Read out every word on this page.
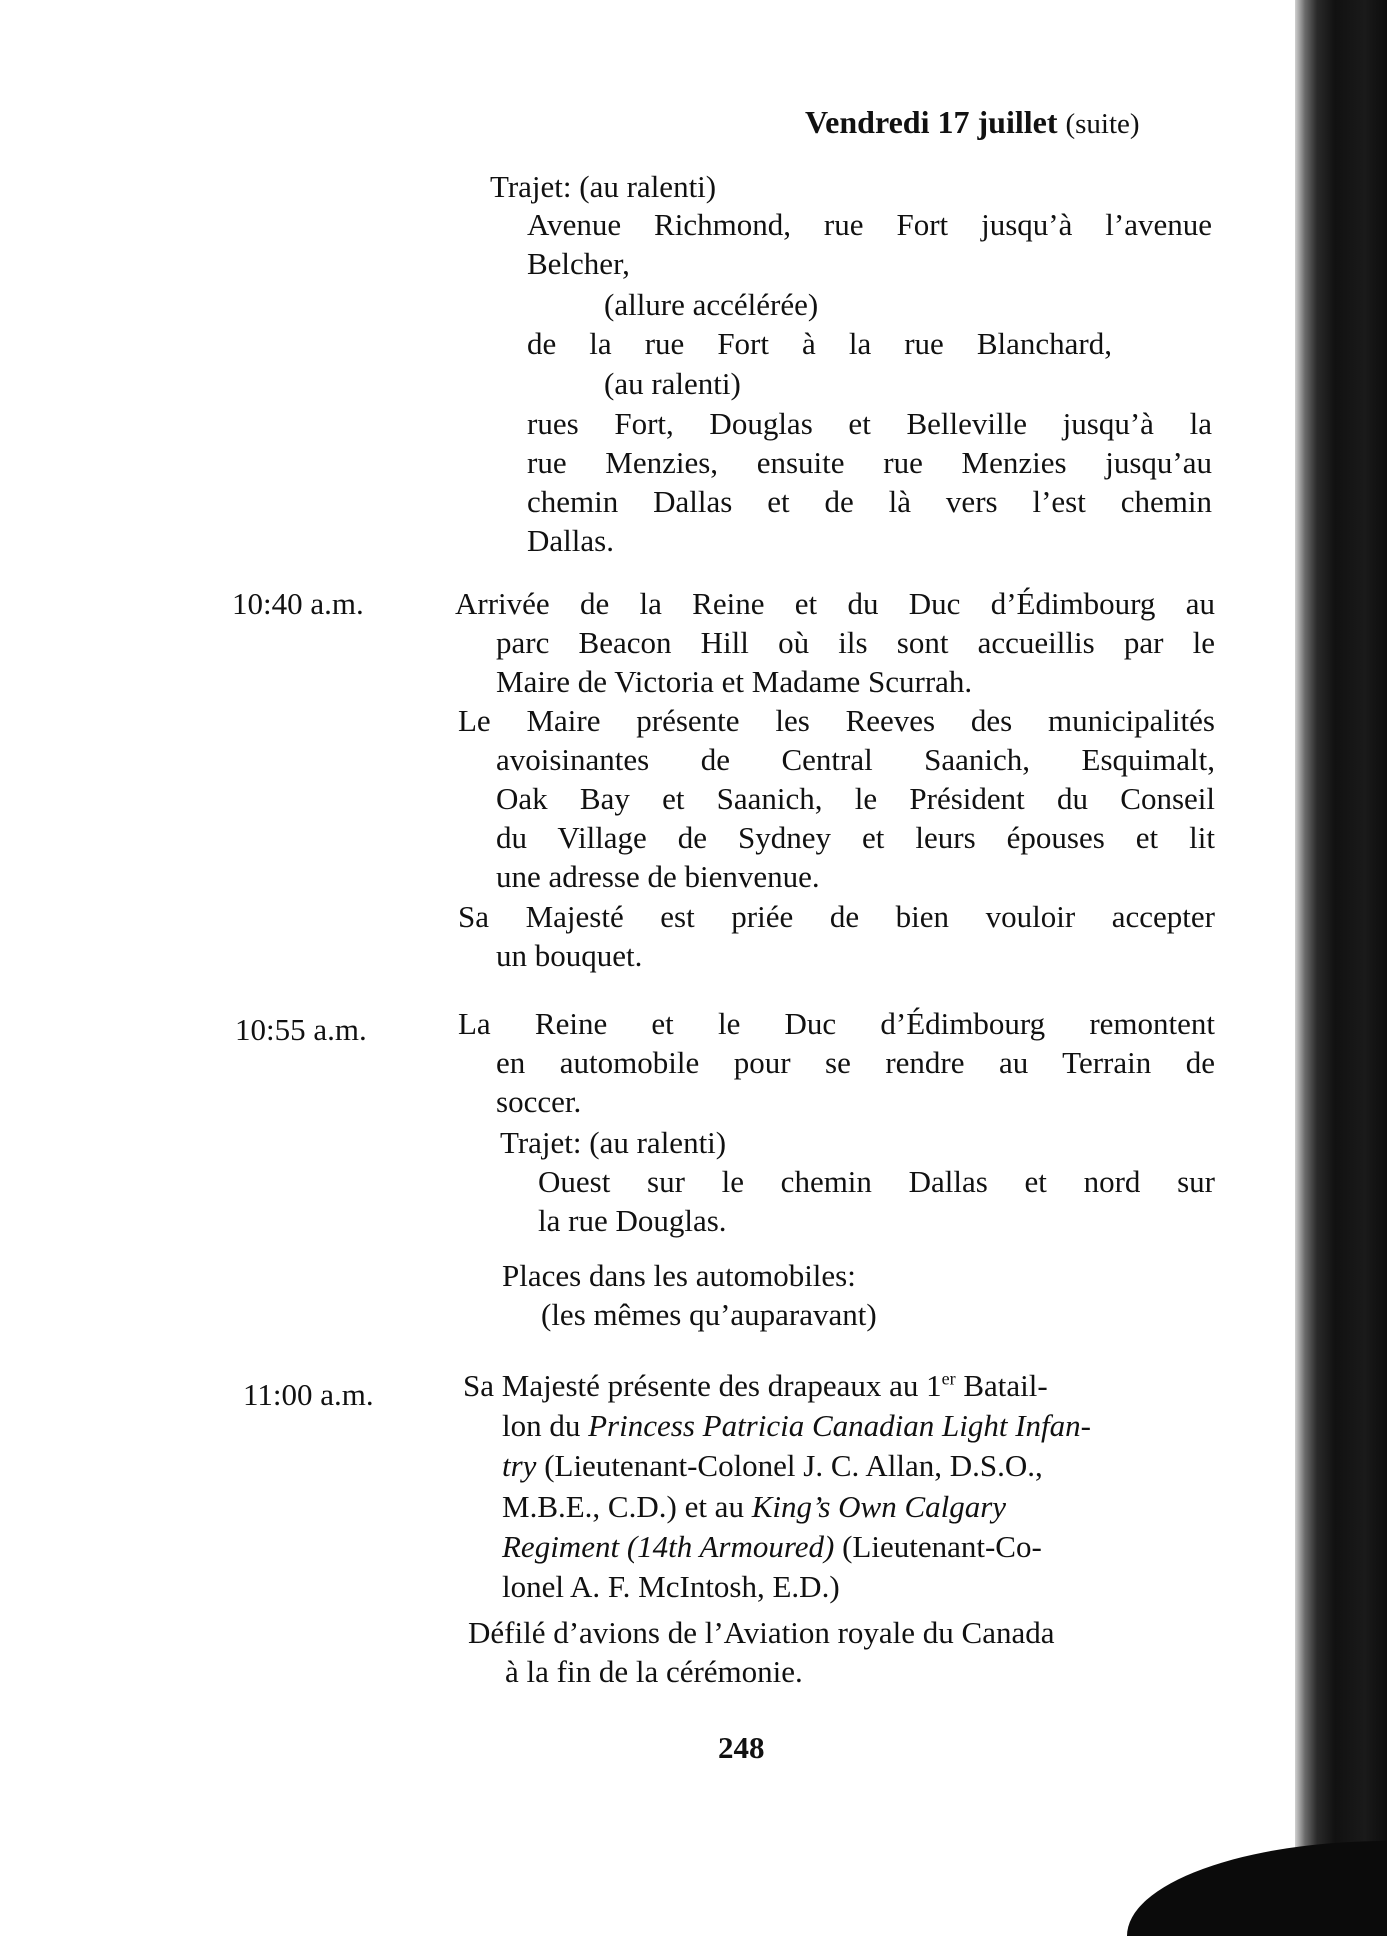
Vendredi 17 juillet (suite)
Trajet: (au ralenti)
Avenue Richmond, rue Fort jusqu’à l’avenue
Belcher,
(allure accélérée)
de la rue Fort à la rue Blanchard,
(au ralenti)
rues Fort, Douglas et Belleville jusqu’à la
rue Menzies, ensuite rue Menzies jusqu’au
chemin Dallas et de là vers l’est chemin
Dallas.
10:40 a.m.	Arrivée de la Reine et du Duc d’Édimbourg au
parc Beacon Hill où ils sont accueillis par le
Maire de Victoria et Madame Scurrah.
Le Maire présente les Reeves des municipalités
avoisinantes de Central Saanich, Esquimalt,
Oak Bay et Saanich, le Président du Conseil
du Village de Sydney et leurs épouses et lit
une adresse de bienvenue.
Sa Majesté est priée de bien vouloir accepter
un bouquet.
10:55 a.m.	La Reine et le Duc d’Édimbourg remontent
en automobile pour se rendre au Terrain de
soccer.
Trajet: (au ralenti)
Ouest sur le chemin Dallas et nord sur
la rue Douglas.
Places dans les automobiles:
(les mêmes qu’auparavant)
11:00 a.m.	Sa Majesté présente des drapeaux au 1er Batail-
lon du Princess Patricia Canadian Light Infan-
try (Lieutenant-Colonel J. C. Allan, D.S.O.,
M.B.E., C.D.) et au King’s Own Calgary
Regiment (14th Armoured) (Lieutenant-Co-
lonel A. F. McIntosh, E.D.)
Défilé d’avions de l’Aviation royale du Canada
à la fin de la cérémonie.
248
